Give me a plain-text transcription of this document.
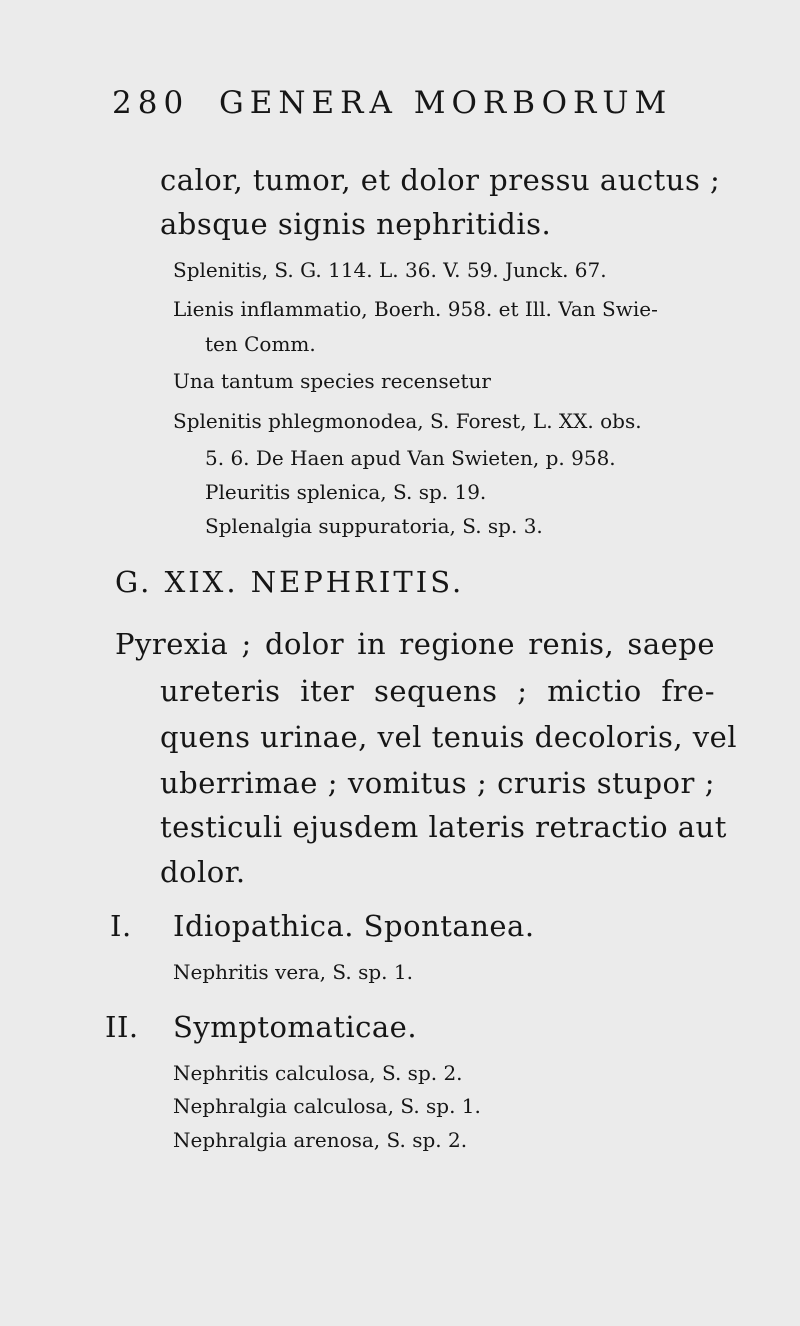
280 GENERA MORBORUM
calor, tumor, et dolor pressu auctus ;
absque signis nephritidis.
Splenitis, S. G. 114. L. 36. V. 59. Junck. 67.
Lienis inflammatio, Boerh. 958. et Ill. Van Swie-
ten Comm.
Una tantum species recensetur
Splenitis phlegmonodea, S. Forest, L. XX. obs.
5. 6. De Haen apud Van Swieten, p. 958.
Pleuritis splenica, S. sp. 19.
Splenalgia suppuratoria, S. sp. 3.
G. XIX. NEPHRITIS.
Pyrexia ; dolor in regione renis, saepe
ureteris iter sequens ; mictio fre-
quens urinae, vel tenuis decoloris, vel
uberrimae ; vomitus ; cruris stupor ;
testiculi ejusdem lateris retractio aut
dolor.
I. Idiopathica. Spontanea.
Nephritis vera, S. sp. 1.
II. Symptomaticae.
Nephritis calculosa, S. sp. 2.
Nephralgia calculosa, S. sp. 1.
Nephralgia arenosa, S. sp. 2.
